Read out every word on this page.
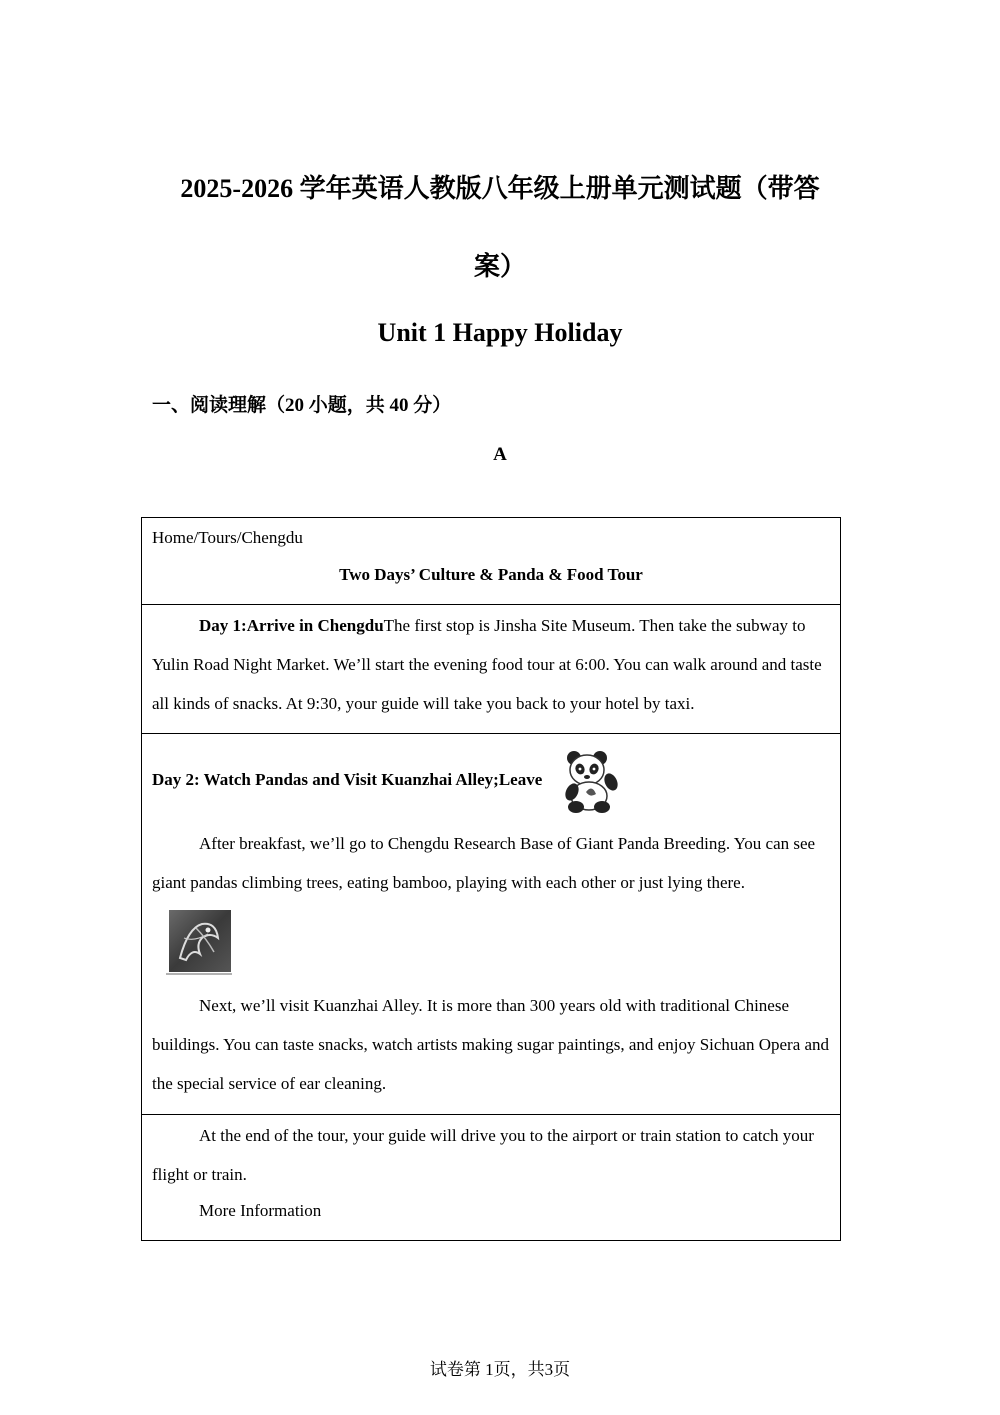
2025-2026 学年英语人教版八年级上册单元测试题（带答
案）
Unit 1 Happy Holiday
一、阅读理解（20 小题，共 40 分）
A
Home/Tours/Chengdu
Two Days’ Culture & Panda & Food Tour
Day 1:Arrive in ChengduThe first stop is Jinsha Site Museum. Then take the subway to Yulin Road Night Market. We’ll start the evening food tour at 6:00. You can walk around and taste all kinds of snacks. At 9:30, your guide will take you back to your hotel by taxi.
Day 2: Watch Pandas and Visit Kuanzhai Alley;Leave
After breakfast, we’ll go to Chengdu Research Base of Giant Panda Breeding. You can see giant pandas climbing trees, eating bamboo, playing with each other or just lying there.
Next, we’ll visit Kuanzhai Alley. It is more than 300 years old with traditional Chinese buildings. You can taste snacks, watch artists making sugar paintings, and enjoy Sichuan Opera and the special service of ear cleaning.
At the end of the tour, your guide will drive you to the airport or train station to catch your flight or train.
More Information
试卷第 1页，共3页
